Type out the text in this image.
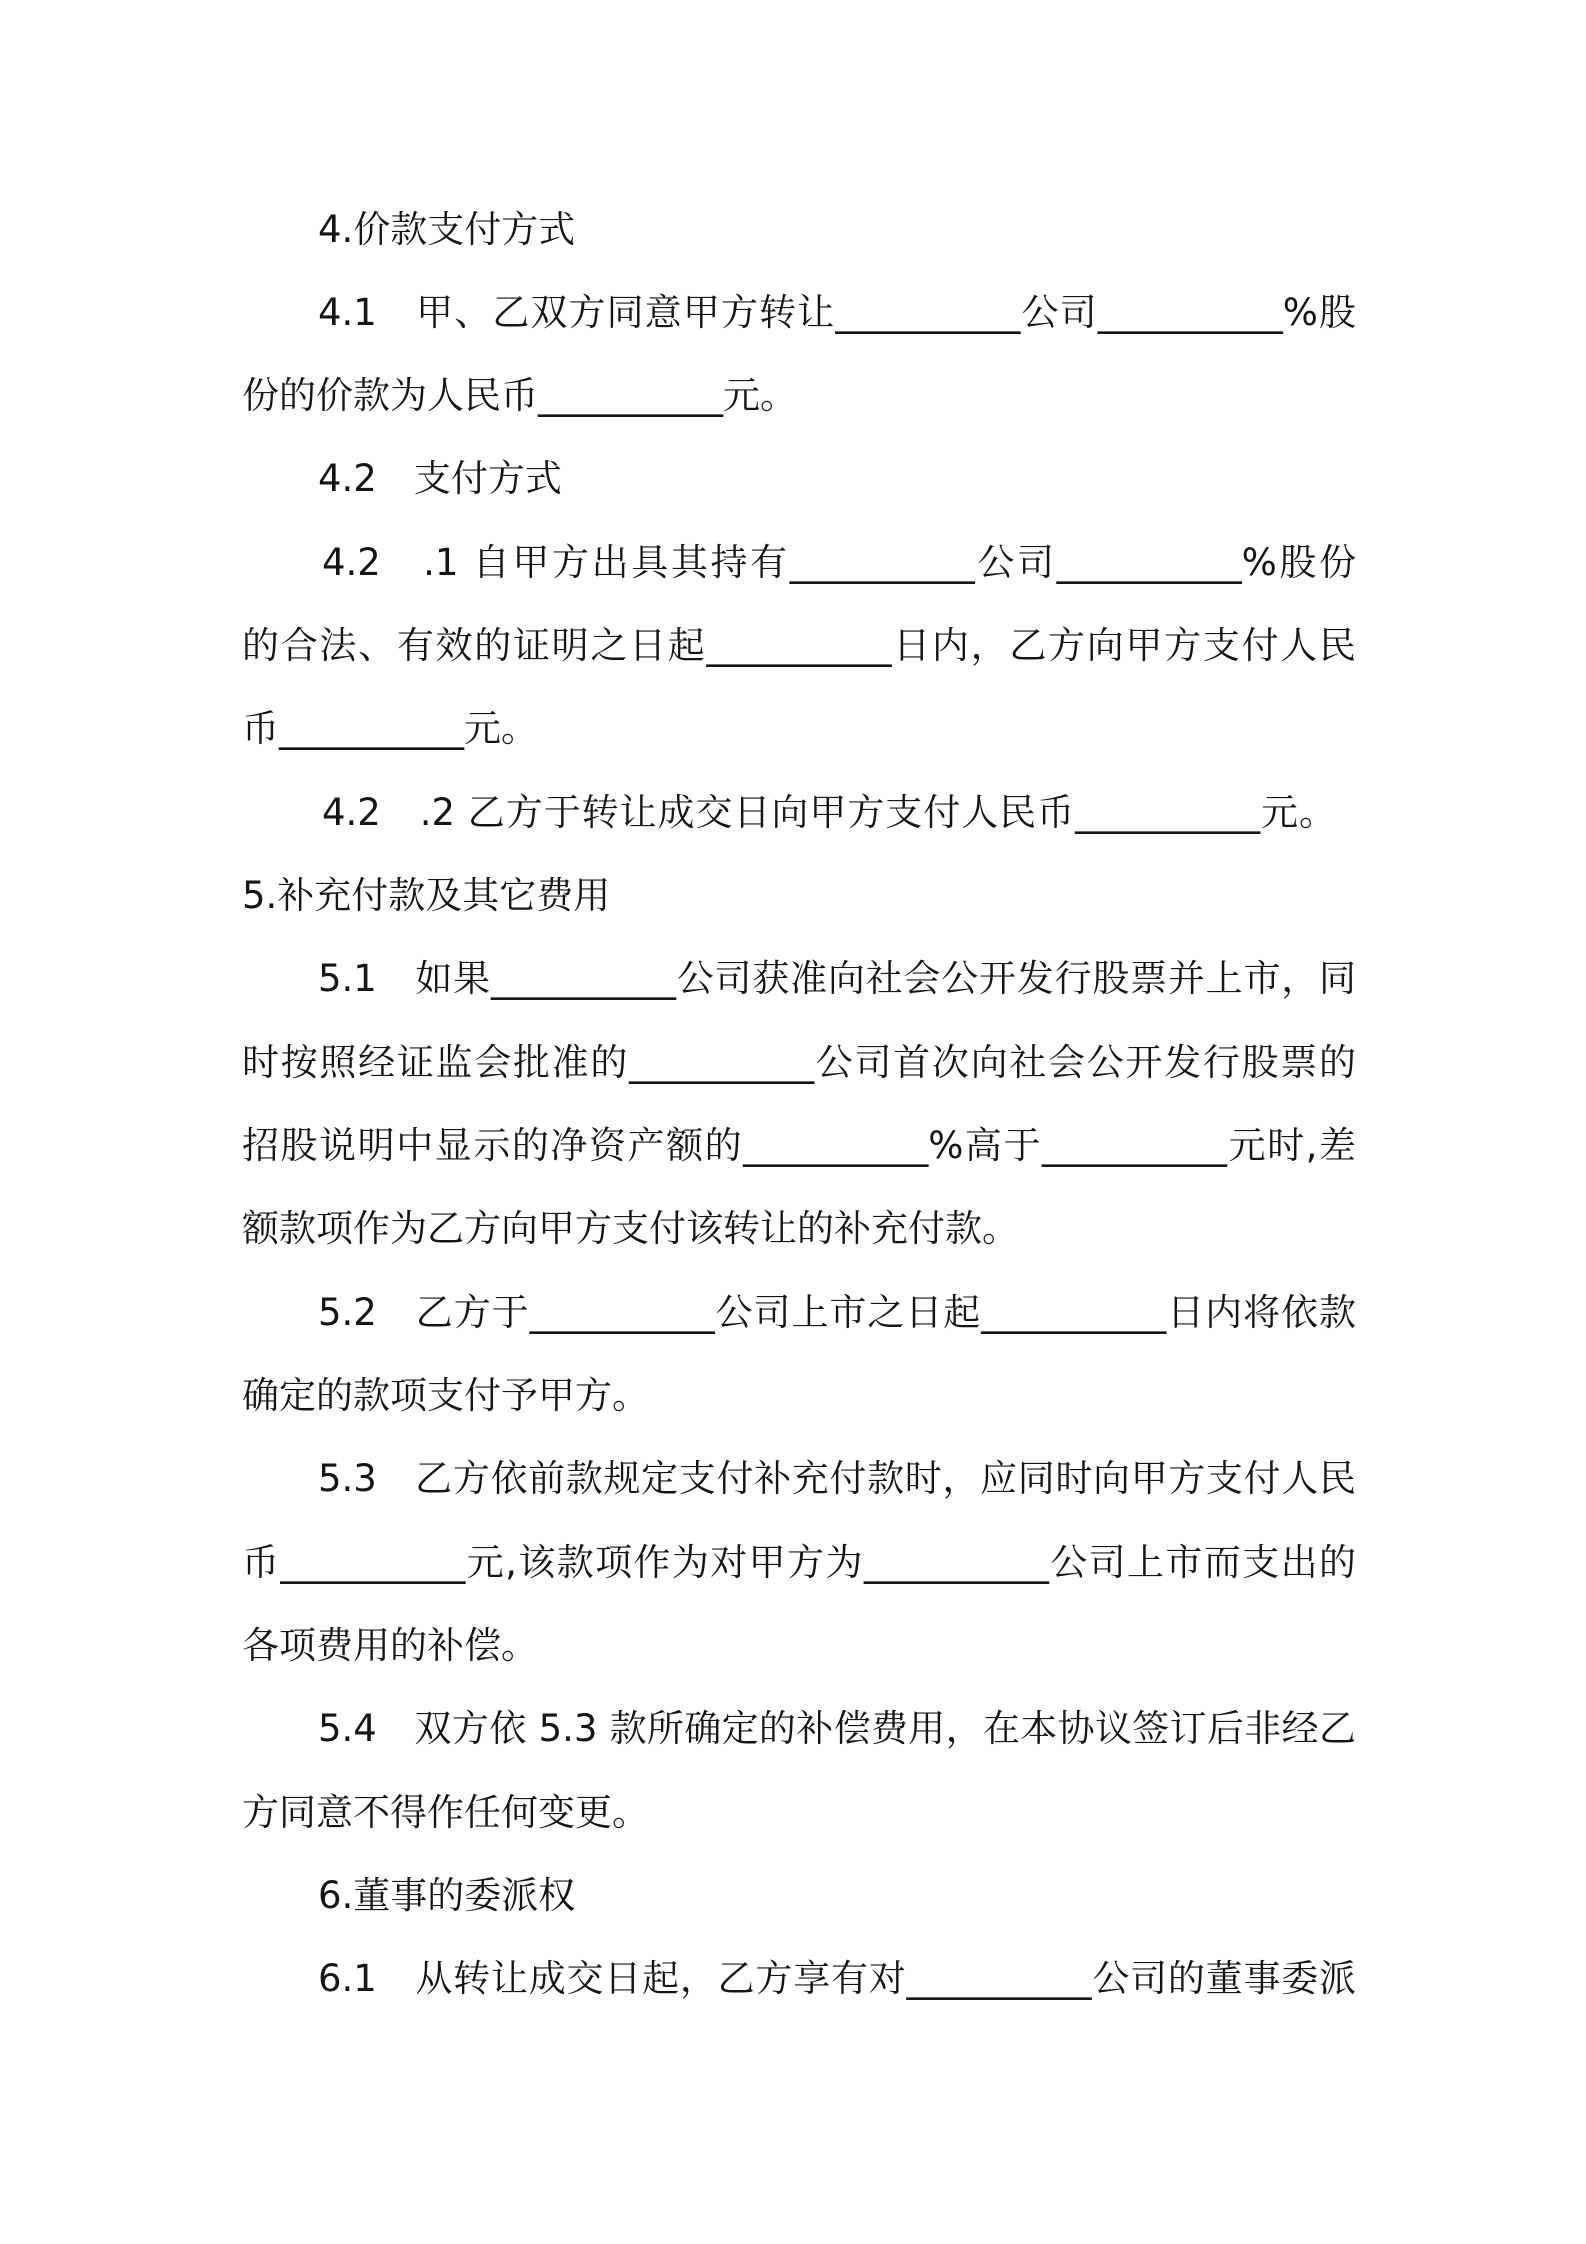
4.价款支付方式

4.1　甲、乙双方同意甲方转让__________公司__________%股

份的价款为人民币__________元。

4.2　支付方式

4.2　.1 自甲方出具其持有__________公司__________%股份

的合法、有效的证明之日起__________日内，乙方向甲方支付人民

币__________元。

4.2　.2 乙方于转让成交日向甲方支付人民币__________元。

5.补充付款及其它费用

5.1　如果__________公司获准向社会公开发行股票并上市，同

时按照经证监会批准的__________公司首次向社会公开发行股票的

招股说明中显示的净资产额的__________%高于__________元时,差

额款项作为乙方向甲方支付该转让的补充付款。

5.2　乙方于__________公司上市之日起__________日内将依款

确定的款项支付予甲方。

5.3　乙方依前款规定支付补充付款时，应同时向甲方支付人民

币__________元,该款项作为对甲方为__________公司上市而支出的

各项费用的补偿。

5.4　双方依 5.3 款所确定的补偿费用，在本协议签订后非经乙

方同意不得作任何变更。

6.董事的委派权

6.1　从转让成交日起，乙方享有对__________公司的董事委派
